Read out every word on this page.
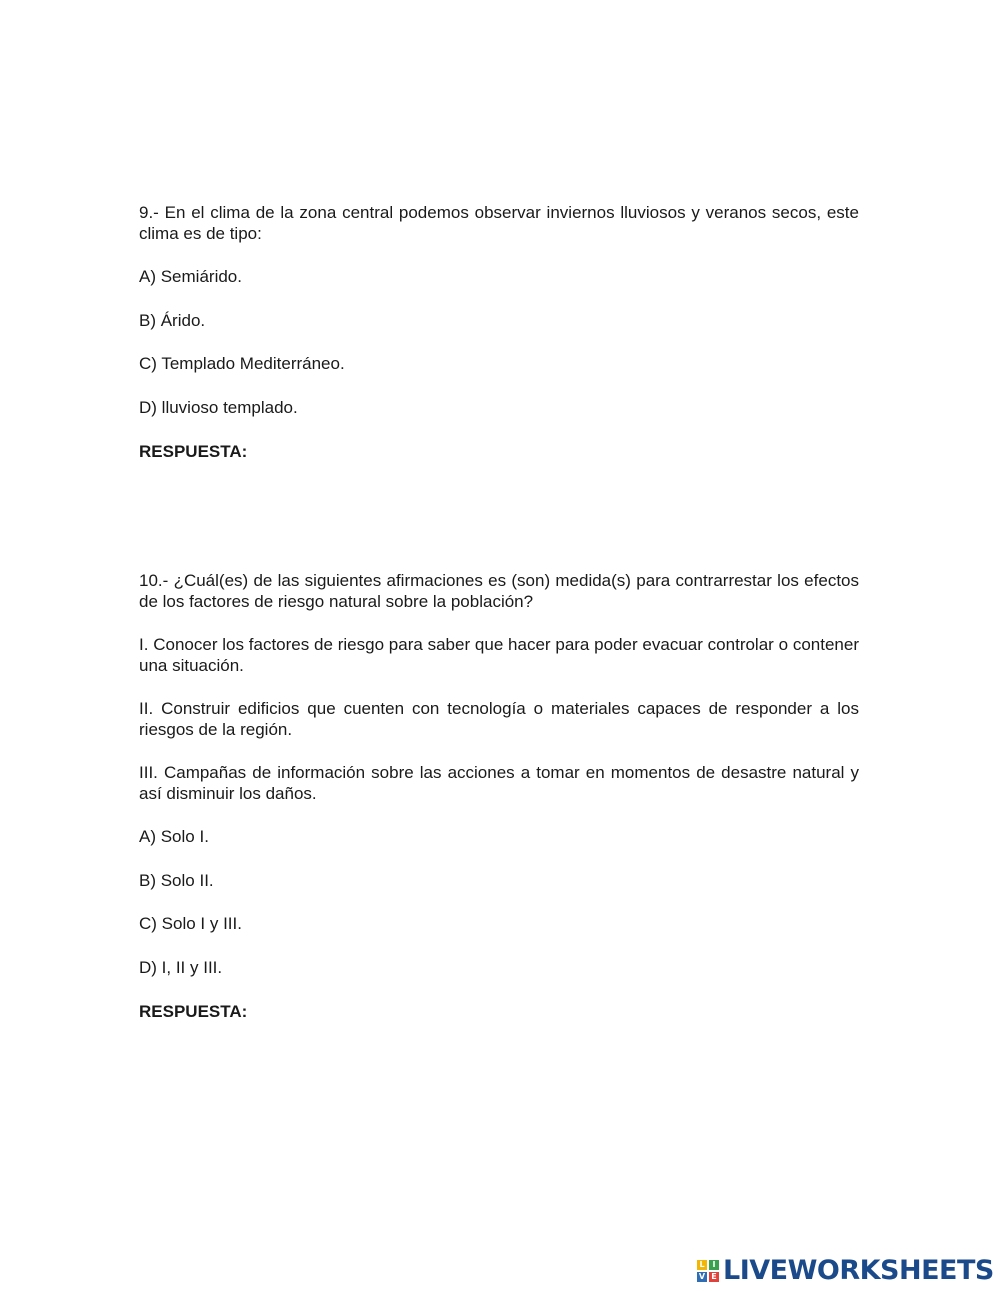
9.- En el clima de la zona central podemos observar inviernos lluviosos y veranos secos, este clima es de tipo:

A) Semiárido.

B) Árido.

C) Templado Mediterráneo.

D) lluvioso templado.

RESPUESTA:

10.- ¿Cuál(es) de las siguientes afirmaciones es (son) medida(s) para contrarrestar los efectos de los factores de riesgo natural sobre la población?

I. Conocer los factores de riesgo para saber que hacer para poder evacuar controlar o contener una situación.

II. Construir edificios que cuenten con tecnología o materiales capaces de responder a los riesgos de la región.

III. Campañas de información sobre las acciones a tomar en momentos de desastre natural y así disminuir los daños.

A) Solo I.

B) Solo II.

C) Solo I y III.

D) I, II y III.

RESPUESTA:

L I
V E LIVEWORKSHEETS
